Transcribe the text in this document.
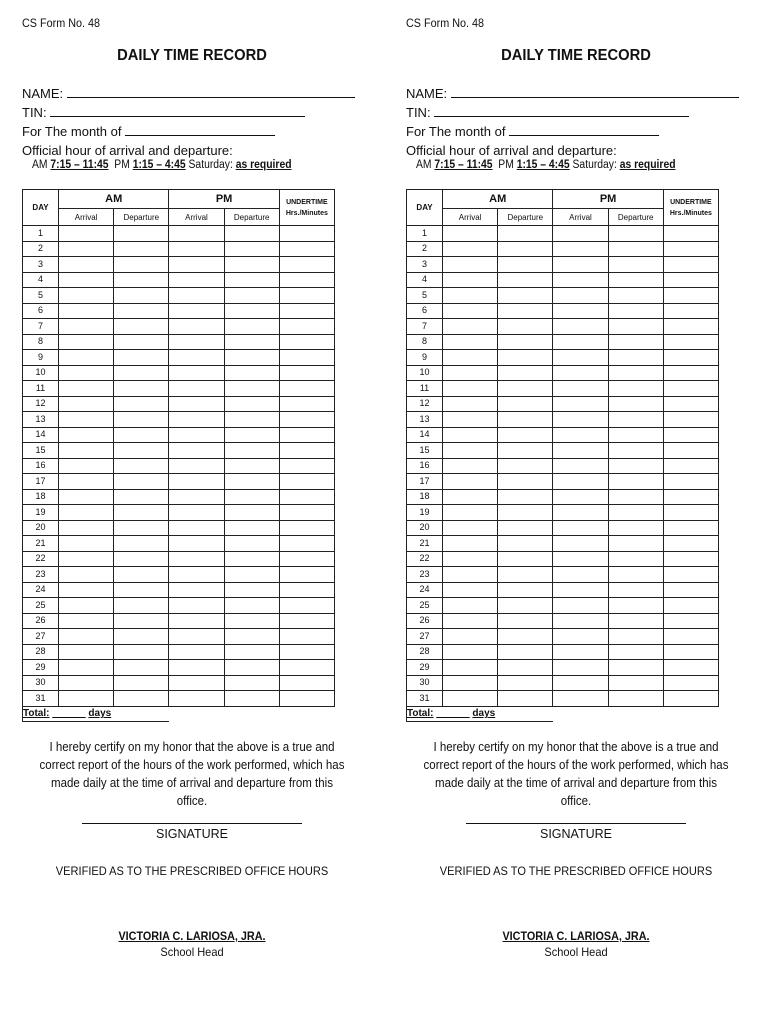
CS Form No. 48
DAILY TIME RECORD
NAME:
TIN:
For The month of
Official hour of arrival and departure:
AM 7:15 – 11:45 PM 1:15 – 4:45 Saturday: as required
DAY	AM		PM		UNDERTIME
Hrs./Minutes

	Arrival	Departure	Arrival	Departure	
1					
2					
3					
4					
5					
6					
7					
8					
9					
10					
11					
12					
13					
14					
15					
16					
17					
18					
19					
20					
21					
22					
23					
24					
25					
26					
27					
28					
29					
30					
31					
Total: ______ days					
I hereby certify on my honor that the above is a true and correct report of the hours of the work performed, which has made daily at the time of arrival and departure from this office.
SIGNATURE
VERIFIED AS TO THE PRESCRIBED OFFICE HOURS
VICTORIA C. LARIOSA, JRA.
School Head
CS Form No. 48
DAILY TIME RECORD
NAME:
TIN:
For The month of
Official hour of arrival and departure:
AM 7:15 – 11:45 PM 1:15 – 4:45 Saturday: as required
DAY	AM		PM		UNDERTIME
Hrs./Minutes

	Arrival	Departure	Arrival	Departure	
1					
2					
3					
4					
5					
6					
7					
8					
9					
10					
11					
12					
13					
14					
15					
16					
17					
18					
19					
20					
21					
22					
23					
24					
25					
26					
27					
28					
29					
30					
31					
Total: ______ days					
I hereby certify on my honor that the above is a true and correct report of the hours of the work performed, which has made daily at the time of arrival and departure from this office.
SIGNATURE
VERIFIED AS TO THE PRESCRIBED OFFICE HOURS
VICTORIA C. LARIOSA, JRA.
School Head
